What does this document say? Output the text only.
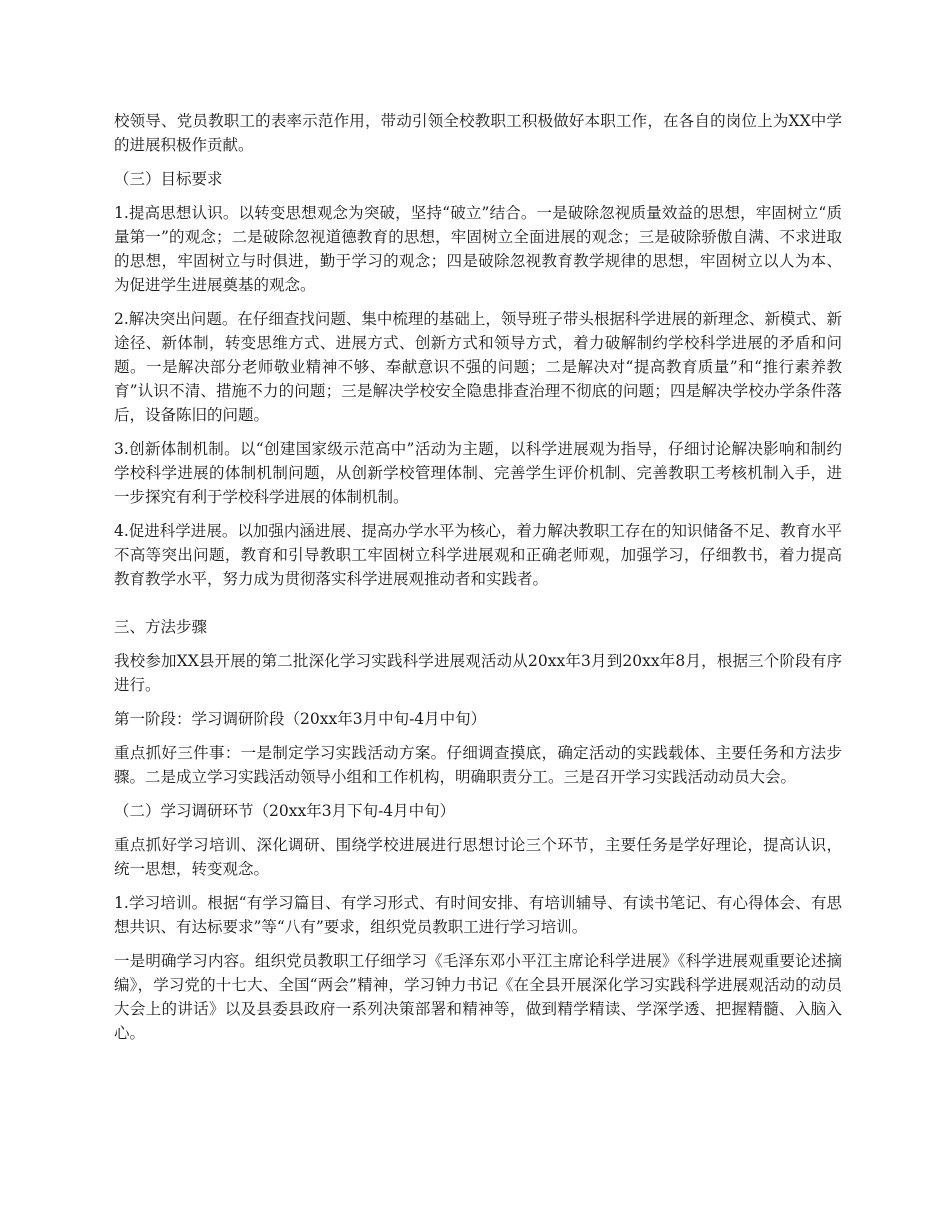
校领导、党员教职工的表率示范作用，带动引领全校教职工积极做好本职工作，在各自的岗位上为XX中学的进展积极作贡献。

（三）目标要求

1.提高思想认识。以转变思想观念为突破，坚持“破立”结合。一是破除忽视质量效益的思想，牢固树立“质量第一”的观念；二是破除忽视道德教育的思想，牢固树立全面进展的观念；三是破除骄傲自满、不求进取的思想，牢固树立与时俱进，勤于学习的观念；四是破除忽视教育教学规律的思想，牢固树立以人为本、为促进学生进展奠基的观念。

2.解决突出问题。在仔细查找问题、集中梳理的基础上，领导班子带头根据科学进展的新理念、新模式、新途径、新体制，转变思维方式、进展方式、创新方式和领导方式，着力破解制约学校科学进展的矛盾和问题。一是解决部分老师敬业精神不够、奉献意识不强的问题；二是解决对“提高教育质量”和“推行素养教育”认识不清、措施不力的问题；三是解决学校安全隐患排查治理不彻底的问题；四是解决学校办学条件落后，设备陈旧的问题。

3.创新体制机制。以“创建国家级示范高中”活动为主题，以科学进展观为指导，仔细讨论解决影响和制约学校科学进展的体制机制问题，从创新学校管理体制、完善学生评价机制、完善教职工考核机制入手，进一步探究有利于学校科学进展的体制机制。

4.促进科学进展。以加强内涵进展、提高办学水平为核心，着力解决教职工存在的知识储备不足、教育水平不高等突出问题，教育和引导教职工牢固树立科学进展观和正确老师观，加强学习，仔细教书，着力提高教育教学水平，努力成为贯彻落实科学进展观推动者和实践者。

三、方法步骤

我校参加XX县开展的第二批深化学习实践科学进展观活动从20xx年3月到20xx年8月，根据三个阶段有序进行。

第一阶段：学习调研阶段（20xx年3月中旬-4月中旬）

重点抓好三件事：一是制定学习实践活动方案。仔细调查摸底，确定活动的实践载体、主要任务和方法步骤。二是成立学习实践活动领导小组和工作机构，明确职责分工。三是召开学习实践活动动员大会。

（二）学习调研环节（20xx年3月下旬-4月中旬）

重点抓好学习培训、深化调研、围绕学校进展进行思想讨论三个环节，主要任务是学好理论，提高认识，统一思想，转变观念。

1.学习培训。根据“有学习篇目、有学习形式、有时间安排、有培训辅导、有读书笔记、有心得体会、有思想共识、有达标要求”等“八有”要求，组织党员教职工进行学习培训。

一是明确学习内容。组织党员教职工仔细学习《毛泽东邓小平江主席论科学进展》《科学进展观重要论述摘编》，学习党的十七大、全国“两会”精神，学习钟力书记《在全县开展深化学习实践科学进展观活动的动员大会上的讲话》以及县委县政府一系列决策部署和精神等，做到精学精读、学深学透、把握精髓、入脑入心。
